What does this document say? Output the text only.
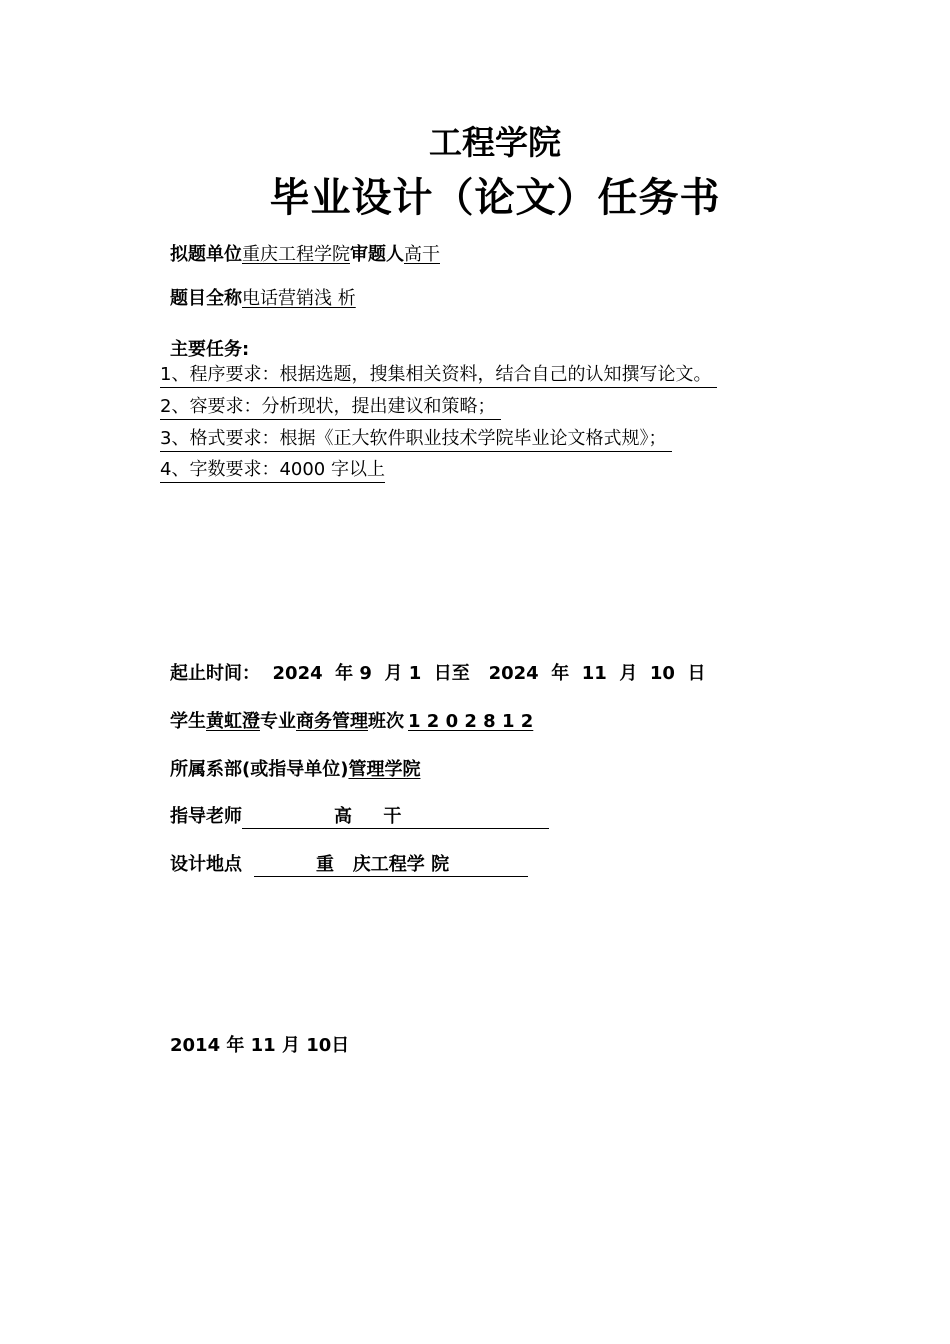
工程学院
毕业设计（论文）任务书
拟题单位重庆工程学院审题人高干
题目全称电话营销浅 析
主要任务:
1、程序要求：根据选题，搜集相关资料，结合自己的认知撰写论文。
2、容要求：分析现状，提出建议和策略；
3、格式要求：根据《正大软件职业技术学院毕业论文格式规》；
4、字数要求：4000 字以上
起止时间：  2024  年 9  月 1  日至   2024  年  11  月  10  日
学生黄虹澄专业商务管理班次 1 2 0 2 8 1 2
所属系部(或指导单位)管理学院
指导老师	高     干
设计地点	重   庆工程学 院
2014 年 11 月 10日
